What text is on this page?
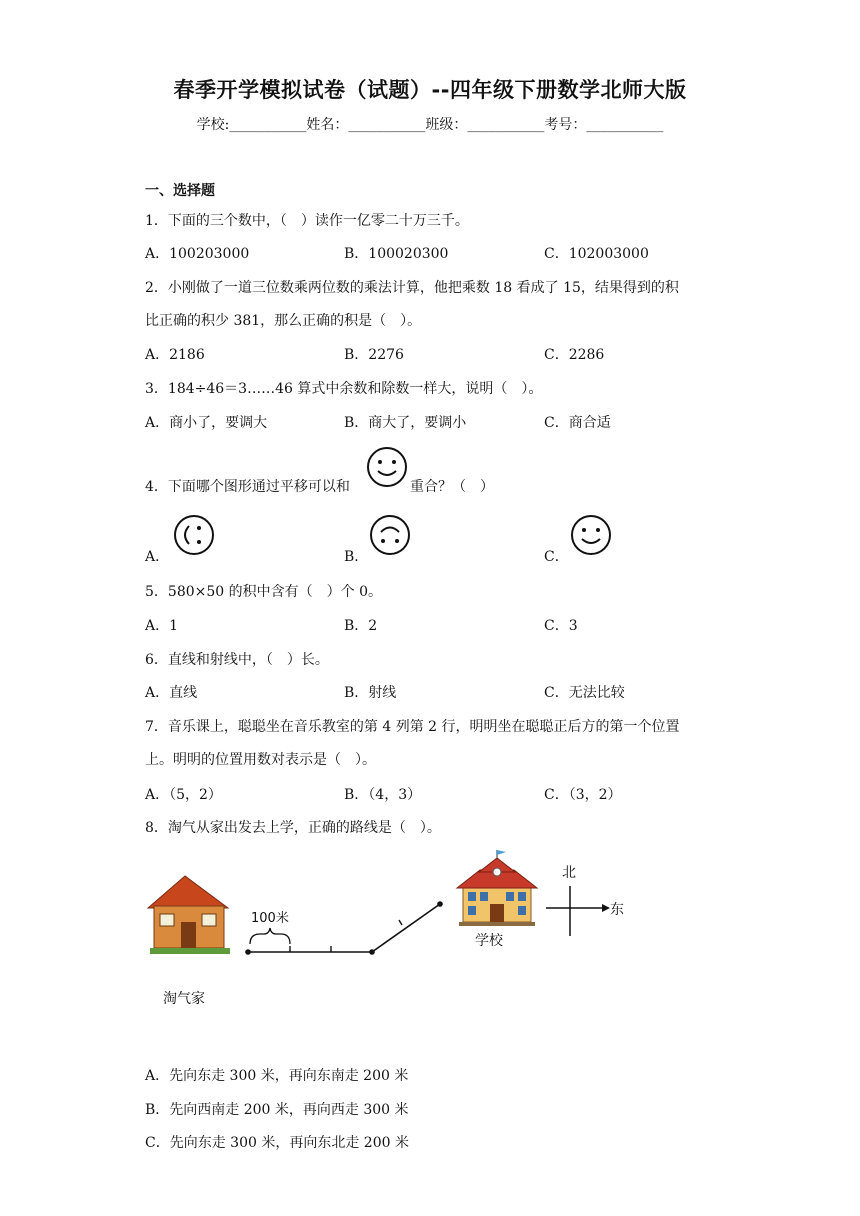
春季开学模拟试卷（试题）--四年级下册数学北师大版
学校:___________姓名：___________班级：___________考号：___________
一、选择题
1．下面的三个数中，（　）读作一亿零二十万三千。
A．100203000	B．100020300	C．102003000
2．小刚做了一道三位数乘两位数的乘法计算，他把乘数 18 看成了 15，结果得到的积
比正确的积少 381，那么正确的积是（　）。
A．2186	B．2276	C．2286
3．184÷46＝3……46 算式中余数和除数一样大，说明（　）。
A．商小了，要调大	B．商大了，要调小	C．商合适
4．下面哪个图形通过平移可以和	重合？（　）
A．	B．	C．
5．580×50 的积中含有（　）个 0。
A．1	B．2	C．3
6．直线和射线中，（　）长。
A．直线	B．射线	C．无法比较
7．音乐课上，聪聪坐在音乐教室的第 4 列第 2 行，明明坐在聪聪正后方的第一个位置
上。明明的位置用数对表示是（　）。
A．（5，2）	B．（4，3）	C．（3，2）
8．淘气从家出发去上学，正确的路线是（　）。
100米
淘气家
学校
北
东
A．先向东走 300 米，再向东南走 200 米
B．先向西南走 200 米，再向西走 300 米
C．先向东走 300 米，再向东北走 200 米
